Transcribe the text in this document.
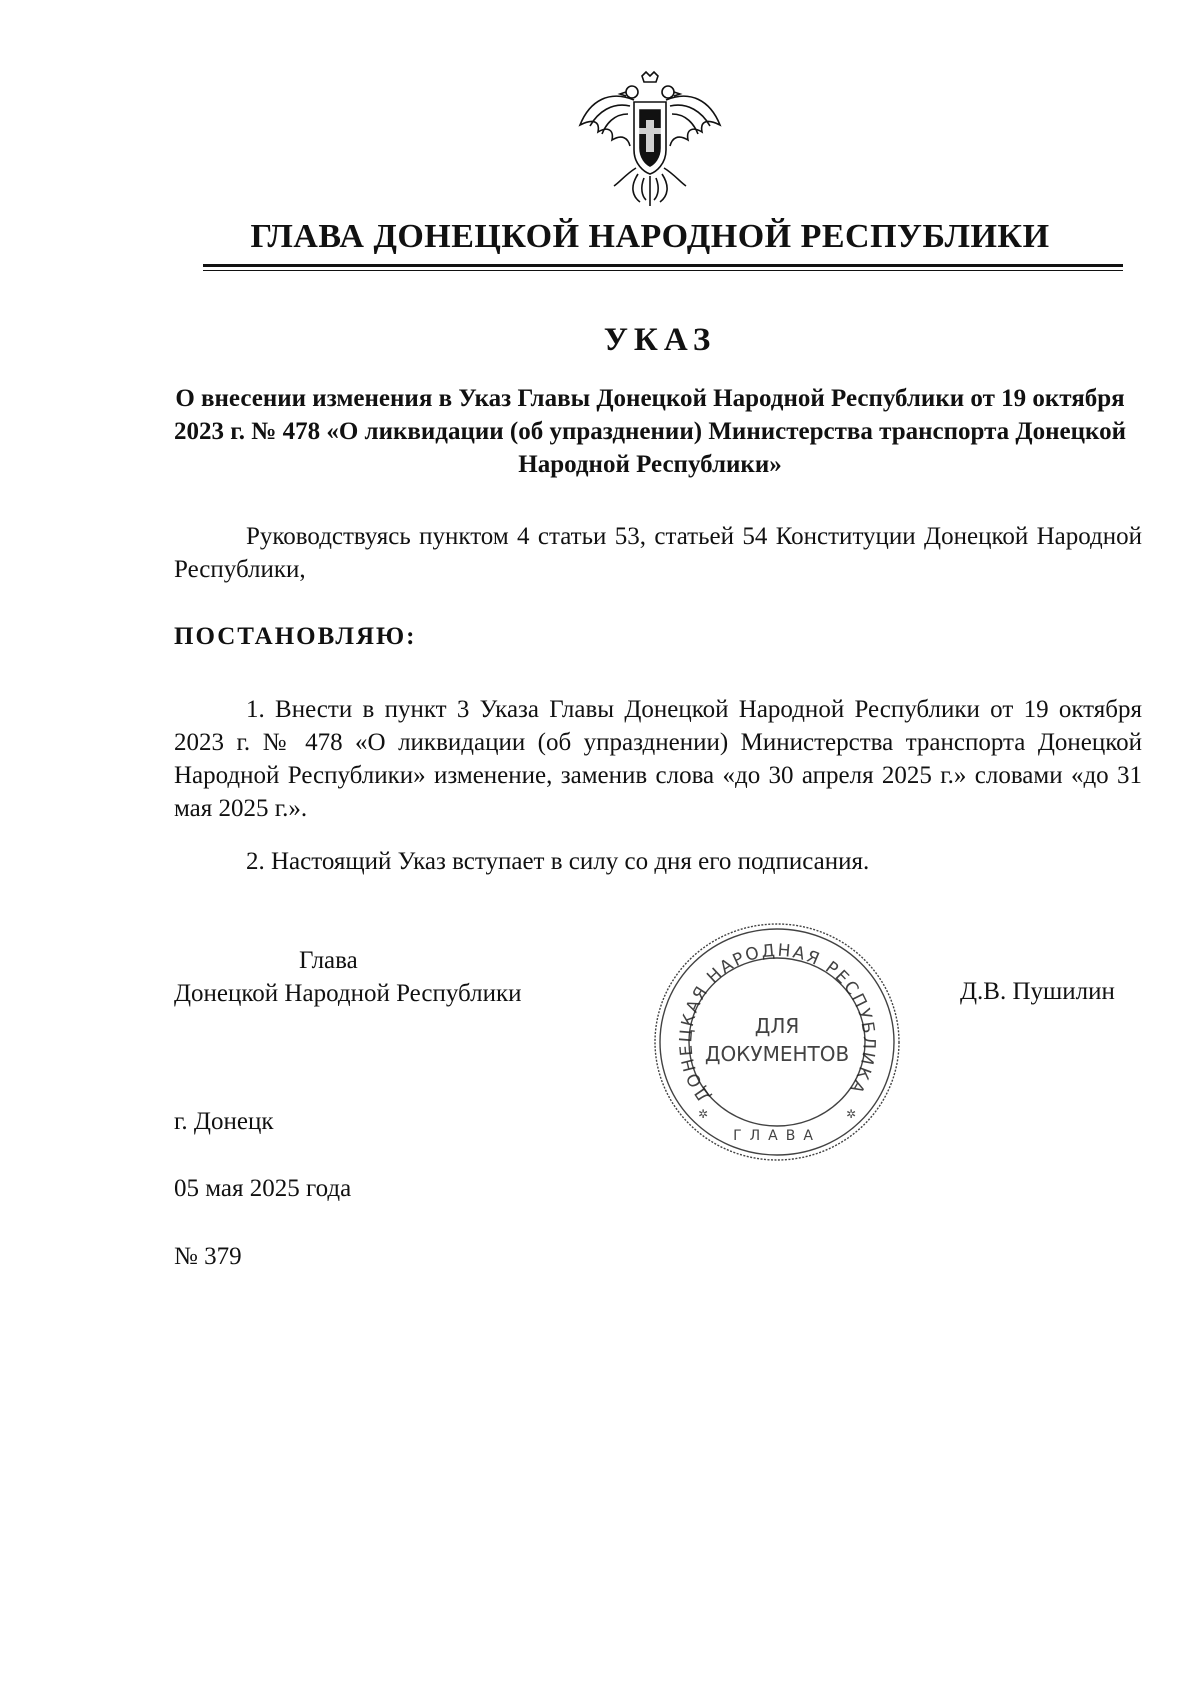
ГЛАВА ДОНЕЦКОЙ НАРОДНОЙ РЕСПУБЛИКИ
УКАЗ
О внесении изменения в Указ Главы Донецкой Народной Республики от 19 октября 2023 г. № 478 «О ликвидации (об упразднении) Министерства транспорта Донецкой Народной Республики»
Руководствуясь пунктом 4 статьи 53, статьей 54 Конституции Донецкой Народной Республики,
ПОСТАНОВЛЯЮ:
1. Внести в пункт 3 Указа Главы Донецкой Народной Республики от 19 октября 2023 г. № 478 «О ликвидации (об упразднении) Министерства транспорта Донецкой Народной Республики» изменение, заменив слова «до 30 апреля 2025 г.» словами «до 31 мая 2025 г.».
2. Настоящий Указ вступает в силу со дня его подписания.
Глава
Донецкой Народной Республики
ДОНЕЦКАЯ НАРОДНАЯ РЕСПУБЛИКА
ДЛЯ
ДОКУМЕНТОВ
ГЛАВА
✲	✲
Д.В. Пушилин
г. Донецк
05 мая 2025 года
№ 379
